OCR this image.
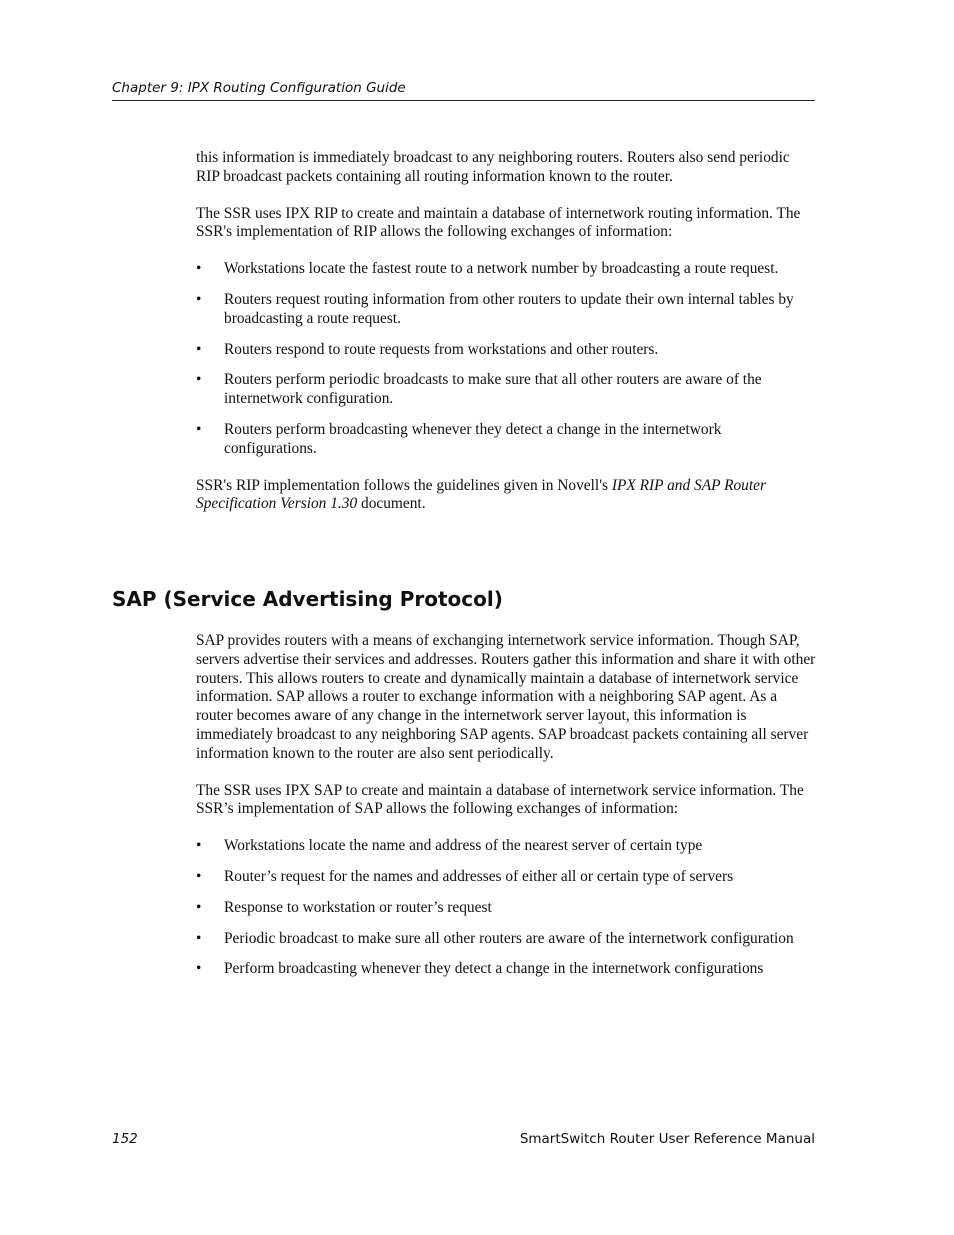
Chapter 9: IPX Routing Configuration Guide

this information is immediately broadcast to any neighboring routers. Routers also send periodic RIP broadcast packets containing all routing information known to the router.

The SSR uses IPX RIP to create and maintain a database of internetwork routing information. The SSR's implementation of RIP allows the following exchanges of information:

• Workstations locate the fastest route to a network number by broadcasting a route request.
• Routers request routing information from other routers to update their own internal tables by broadcasting a route request.
• Routers respond to route requests from workstations and other routers.
• Routers perform periodic broadcasts to make sure that all other routers are aware of the internetwork configuration.
• Routers perform broadcasting whenever they detect a change in the internetwork configurations.

SSR's RIP implementation follows the guidelines given in Novell's IPX RIP and SAP Router Specification Version 1.30 document.

SAP (Service Advertising Protocol)

SAP provides routers with a means of exchanging internetwork service information. Though SAP, servers advertise their services and addresses. Routers gather this information and share it with other routers. This allows routers to create and dynamically maintain a database of internetwork service information. SAP allows a router to exchange information with a neighboring SAP agent. As a router becomes aware of any change in the internetwork server layout, this information is immediately broadcast to any neighboring SAP agents. SAP broadcast packets containing all server information known to the router are also sent periodically.

The SSR uses IPX SAP to create and maintain a database of internetwork service information. The SSR’s implementation of SAP allows the following exchanges of information:

• Workstations locate the name and address of the nearest server of certain type
• Router’s request for the names and addresses of either all or certain type of servers
• Response to workstation or router’s request
• Periodic broadcast to make sure all other routers are aware of the internetwork configuration
• Perform broadcasting whenever they detect a change in the internetwork configurations
152	SmartSwitch Router User Reference Manual
